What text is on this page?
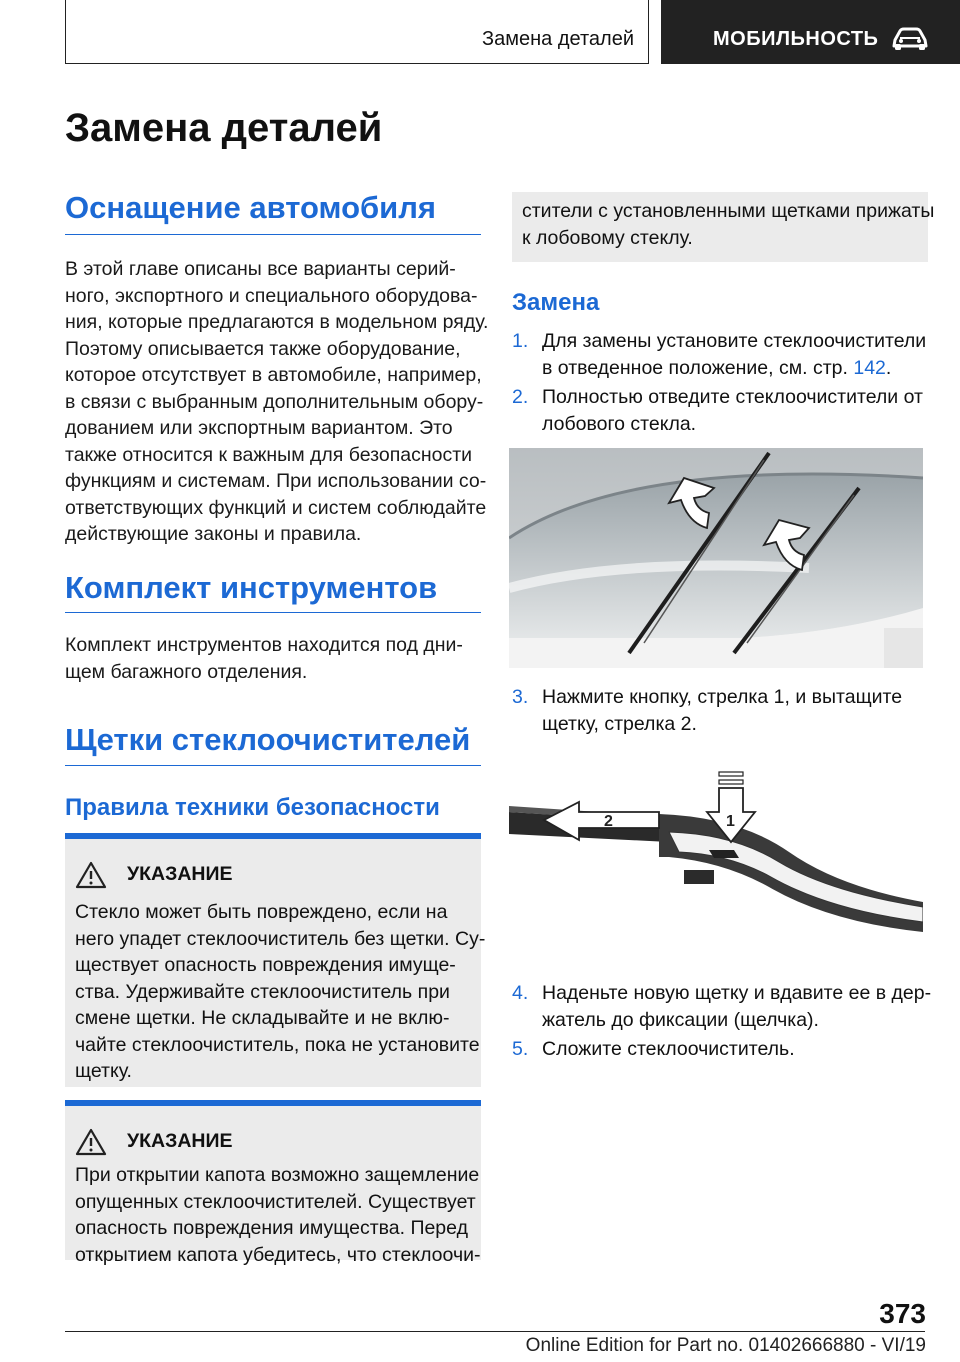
Замена деталей	МОБИЛЬНОСТЬ
Замена деталей
Оснащение автомобиля
В этой главе описаны все варианты серий-
ного, экспортного и специального оборудова-
ния, которые предлагаются в модельном ряду.
Поэтому описывается также оборудование,
которое отсутствует в автомобиле, например,
в связи с выбранным дополнительным обору-
дованием или экспортным вариантом. Это
также относится к важным для безопасности
функциям и системам. При использовании со-
ответствующих функций и систем соблюдайте
действующие законы и правила.
Комплект инструментов
Комплект инструментов находится под дни-
щем багажного отделения.
Щетки стеклоочистителей
Правила техники безопасности
УКАЗАНИЕ
Стекло может быть повреждено, если на
него упадет стеклоочиститель без щетки. Су-
ществует опасность повреждения имуще-
ства. Удерживайте стеклоочиститель при
смене щетки. Не складывайте и не вклю-
чайте стеклоочиститель, пока не установите
щетку.
УКАЗАНИЕ
При открытии капота возможно защемление
опущенных стеклоочистителей. Существует
опасность повреждения имущества. Перед
открытием капота убедитесь, что стеклоочи-
стители с установленными щетками прижаты
к лобовому стеклу.
Замена
1. Для замены установите стеклоочистители
в отведенное положение, см. стр. 142.
2. Полностью отведите стеклоочистители от
лобового стекла.
3. Нажмите кнопку, стрелка 1, и вытащите
щетку, стрелка 2.
2	1
4. Наденьте новую щетку и вдавите ее в дер-
жатель до фиксации (щелчка).
5. Сложите стеклоочиститель.
373
Online Edition for Part no. 01402666880 - VI/19
